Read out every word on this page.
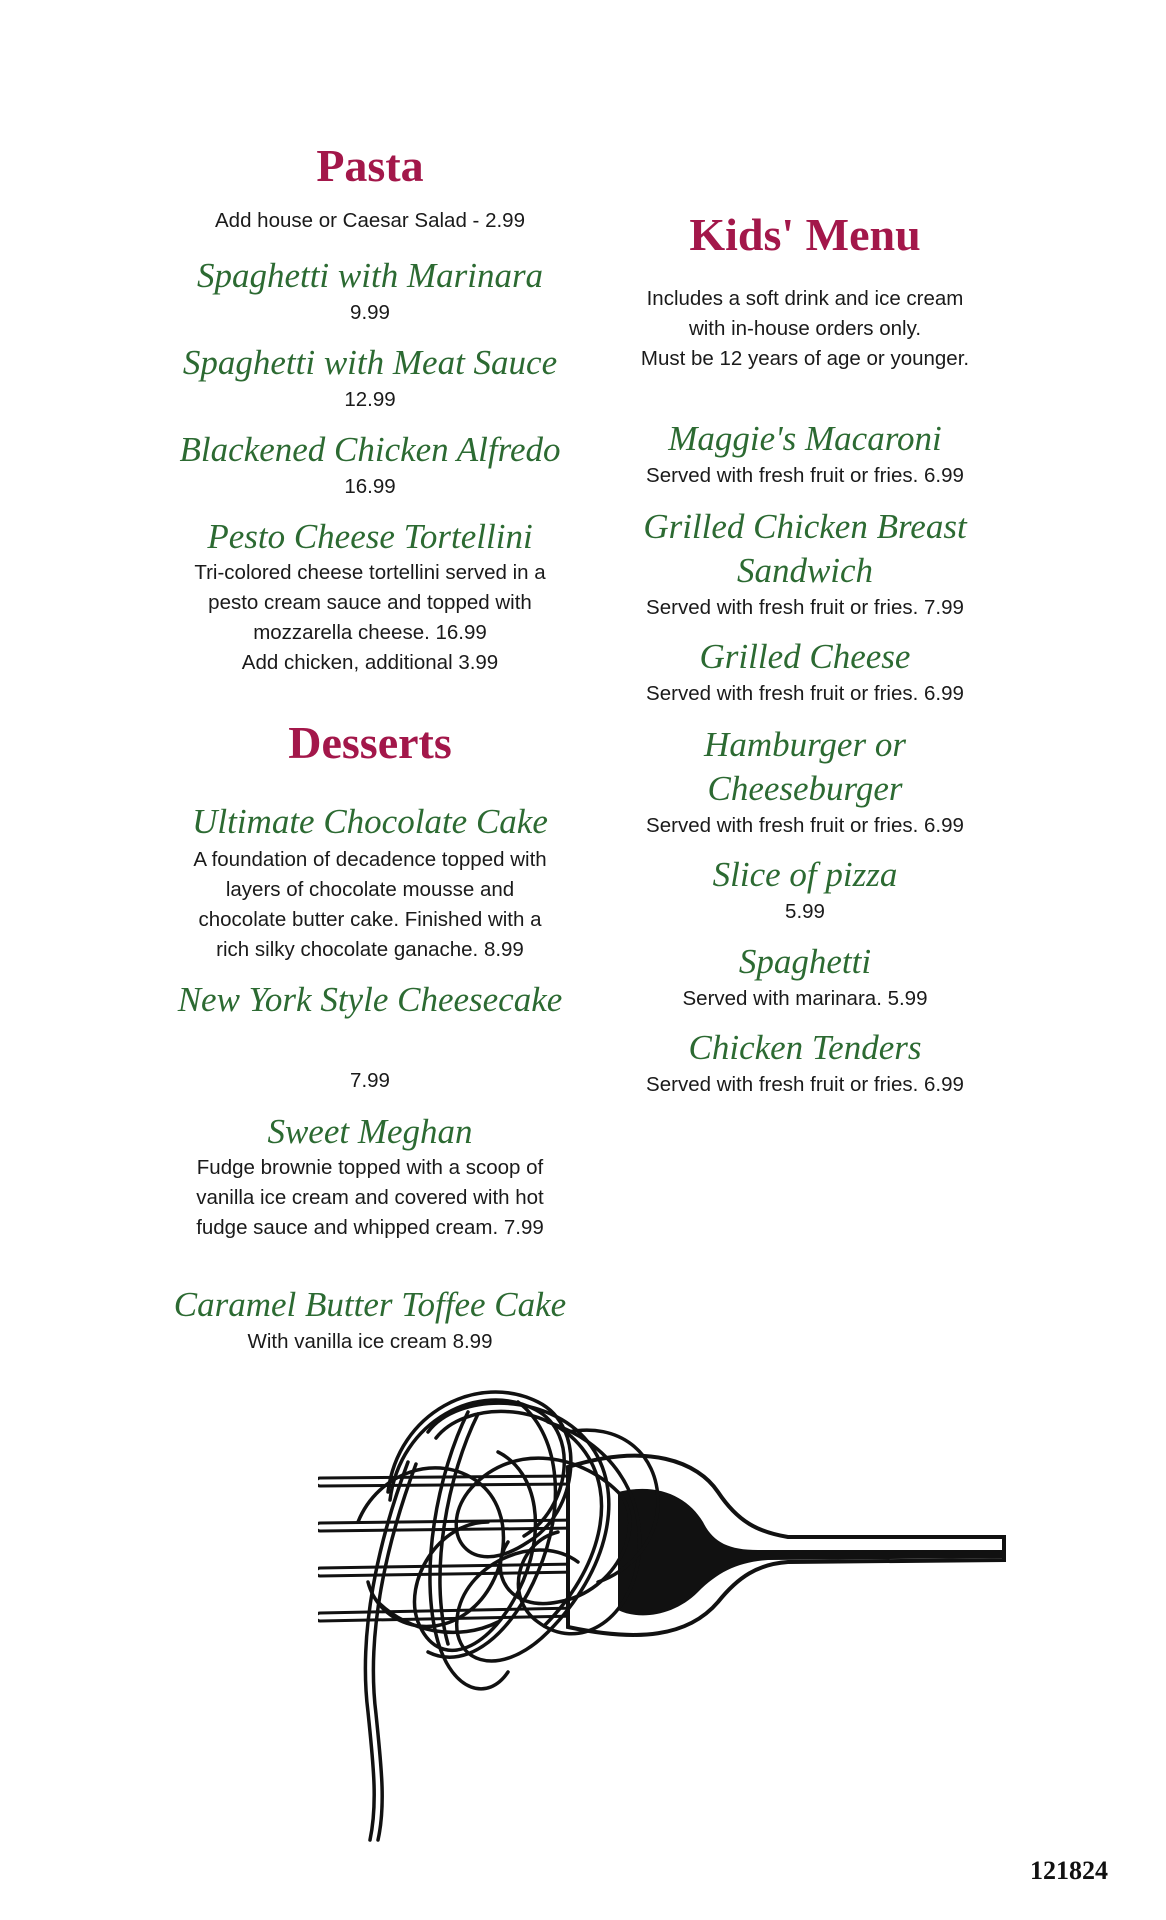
Pasta
Add house or Caesar Salad - 2.99
Spaghetti with Marinara
9.99
Spaghetti with Meat Sauce
12.99
Blackened Chicken Alfredo
16.99
Pesto Cheese Tortellini
Tri-colored cheese tortellini served in a
pesto cream sauce and topped with
mozzarella cheese. 16.99
Add chicken, additional 3.99
Desserts
Ultimate Chocolate Cake
A foundation of decadence topped with
layers of chocolate mousse and
chocolate butter cake. Finished with a
rich silky chocolate ganache. 8.99
New York Style Cheesecake
7.99
Sweet Meghan
Fudge brownie topped with a scoop of
vanilla ice cream and covered with hot
fudge sauce and whipped cream. 7.99
Caramel Butter Toffee Cake
With vanilla ice cream 8.99
Kids' Menu
Includes a soft drink and ice cream
with in-house orders only.
Must be 12 years of age or younger.
Maggie's Macaroni
Served with fresh fruit or fries. 6.99
Grilled Chicken Breast
Sandwich
Served with fresh fruit or fries. 7.99
Grilled Cheese
Served with fresh fruit or fries. 6.99
Hamburger or
Cheeseburger
Served with fresh fruit or fries. 6.99
Slice of pizza
5.99
Spaghetti
Served with marinara. 5.99
Chicken Tenders
Served with fresh fruit or fries. 6.99
121824
